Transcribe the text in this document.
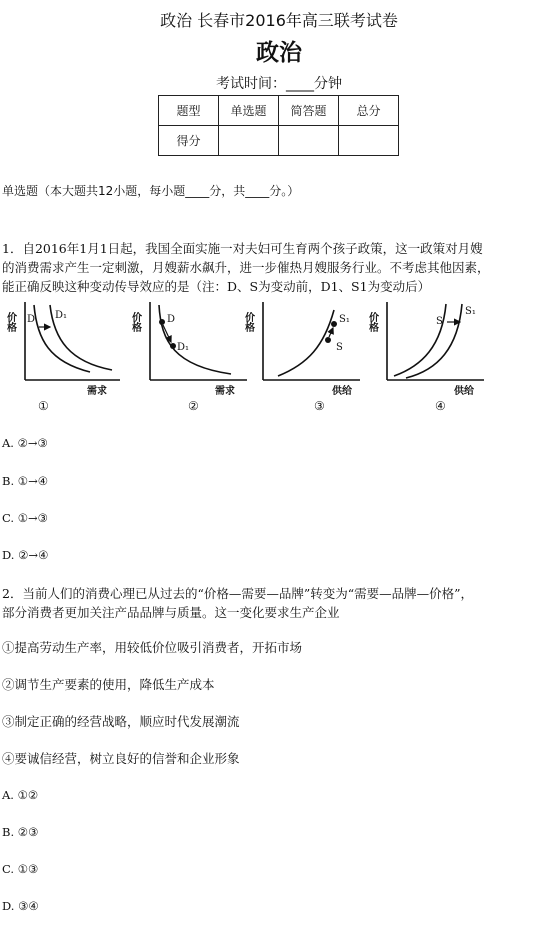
政治 长春市2016年高三联考试卷
政治
考试时间：____分钟
题型	单选题	简答题	总分
得分			
单选题（本大题共12小题，每小题____分，共____分。）
1．自2016年1月1日起，我国全面实施一对夫妇可生育两个孩子政策，这一政策对月嫂
的消费需求产生一定刺激，月嫂薪水飙升，进一步催热月嫂服务行业。不考虑其他因素，
能正确反映这种变动传导效应的是（注：D、S为变动前，D1、S1为变动后）
价格 D D₁
需求
①
价格	D
D₁
需求
②
价格	S₁
S
供给
③
价格	S
S₁
供给
④
A. ②→③
B. ①→④
C. ①→③
D. ②→④
2．当前人们的消费心理已从过去的“价格—需要—品牌”转变为“需要—品牌—价格”，
部分消费者更加关注产品品牌与质量。这一变化要求生产企业
①提高劳动生产率，用较低价位吸引消费者，开拓市场
②调节生产要素的使用，降低生产成本
③制定正确的经营战略，顺应时代发展潮流
④要诚信经营，树立良好的信誉和企业形象
A. ①②
B. ②③
C. ①③
D. ③④
